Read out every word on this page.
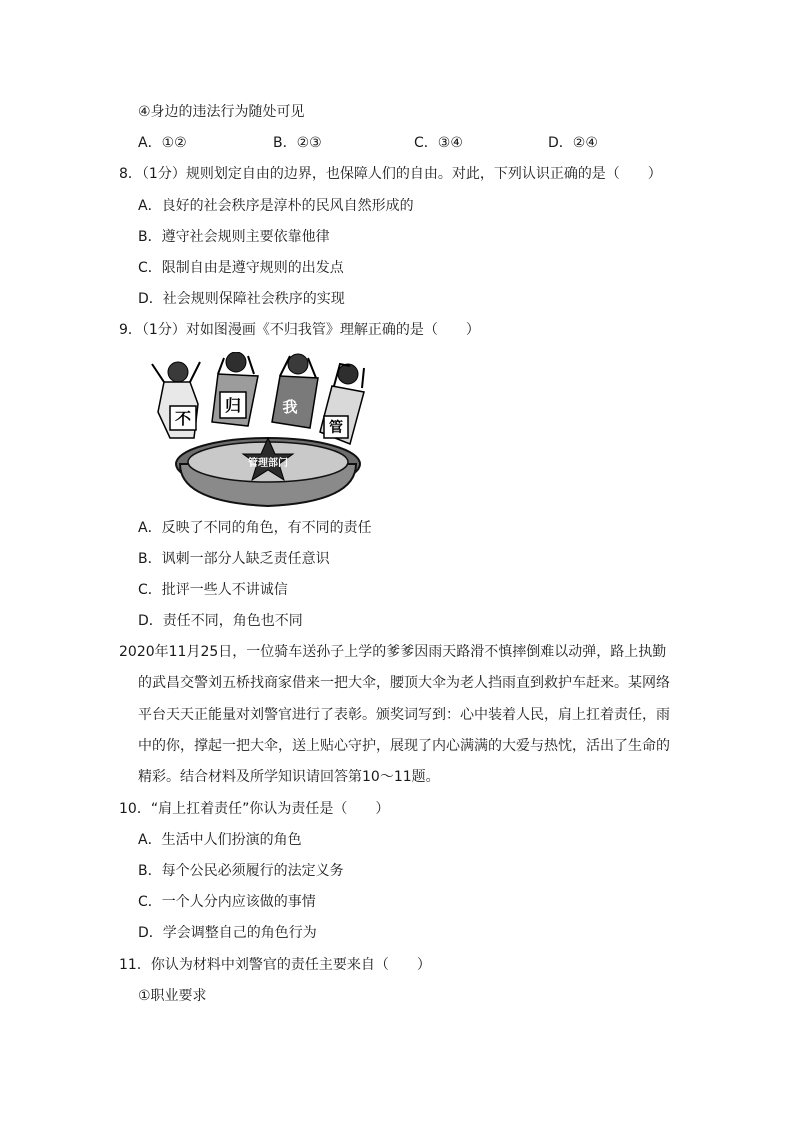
④身边的违法行为随处可见
A．①②	B．②③	C．③④	D．②④
8．（1分）规则划定自由的边界，也保障人们的自由。对此，下列认识正确的是（　　）
A．良好的社会秩序是淳朴的民风自然形成的
B．遵守社会规则主要依靠他律
C．限制自由是遵守规则的出发点
D．社会规则保障社会秩序的实现
9．（1分）对如图漫画《不归我管》理解正确的是（　　）
管理部门
不
归	我
管
A．反映了不同的角色，有不同的责任
B．讽刺一部分人缺乏责任意识
C．批评一些人不讲诚信
D．责任不同，角色也不同
2020年11月25日，一位骑车送孙子上学的爹爹因雨天路滑不慎摔倒难以动弹，路上执勤
的武昌交警刘五桥找商家借来一把大伞，腰顶大伞为老人挡雨直到救护车赶来。某网络
平台天天正能量对刘警官进行了表彰。颁奖词写到：心中装着人民，肩上扛着责任，雨
中的你，撑起一把大伞，送上贴心守护，展现了内心满满的大爱与热忱，活出了生命的
精彩。结合材料及所学知识请回答第10～11题。
10．“肩上扛着责任”你认为责任是（　　）
A．生活中人们扮演的角色
B．每个公民必须履行的法定义务
C．一个人分内应该做的事情
D．学会调整自己的角色行为
11．你认为材料中刘警官的责任主要来自（　　）
①职业要求
